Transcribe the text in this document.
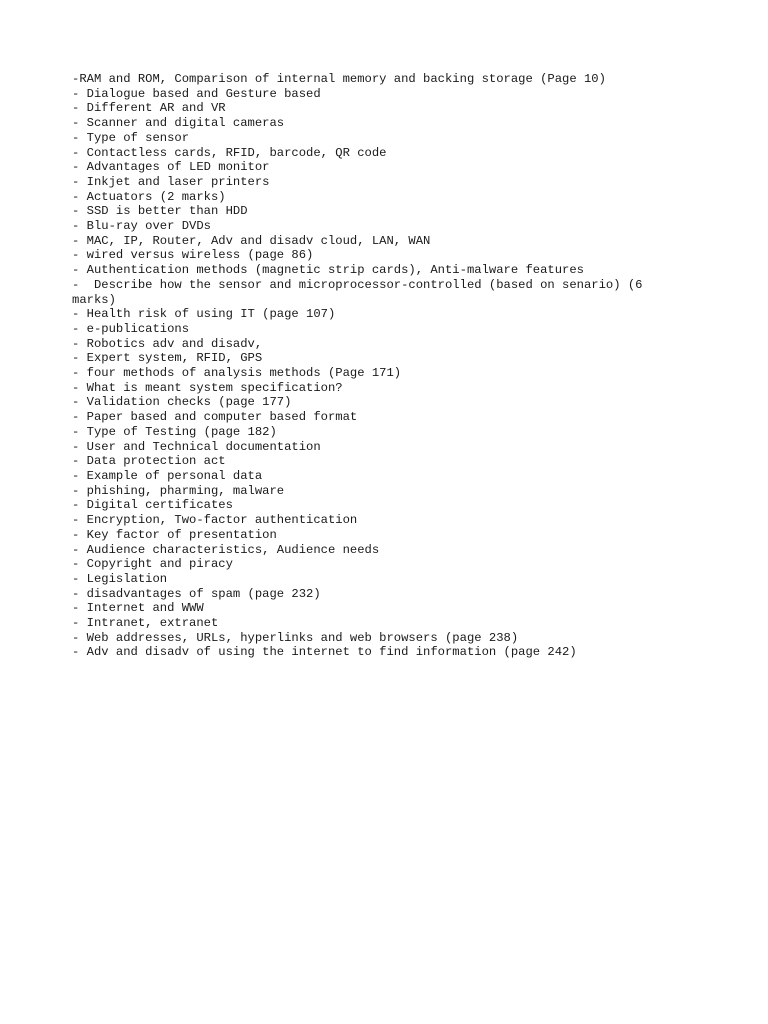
-RAM and ROM, Comparison of internal memory and backing storage (Page 10)

- Dialogue based and Gesture based

- Different AR and VR

- Scanner and digital cameras

- Type of sensor

- Contactless cards, RFID, barcode, QR code

- Advantages of LED monitor

- Inkjet and laser printers

- Actuators (2 marks)

- SSD is better than HDD

- Blu-ray over DVDs

- MAC, IP, Router, Adv and disadv cloud, LAN, WAN

- wired versus wireless (page 86)

- Authentication methods (magnetic strip cards), Anti-malware features

-  Describe how the sensor and microprocessor-controlled (based on senario) (6 marks)

- Health risk of using IT (page 107)

- e-publications

- Robotics adv and disadv,

- Expert system, RFID, GPS

- four methods of analysis methods (Page 171)

- What is meant system specification?

- Validation checks (page 177)

- Paper based and computer based format

- Type of Testing (page 182)

- User and Technical documentation

- Data protection act

- Example of personal data

- phishing, pharming, malware

- Digital certificates

- Encryption, Two-factor authentication

- Key factor of presentation

- Audience characteristics, Audience needs

- Copyright and piracy

- Legislation

- disadvantages of spam (page 232)

- Internet and WWW

- Intranet, extranet

- Web addresses, URLs, hyperlinks and web browsers (page 238)

- Adv and disadv of using the internet to find information (page 242)
